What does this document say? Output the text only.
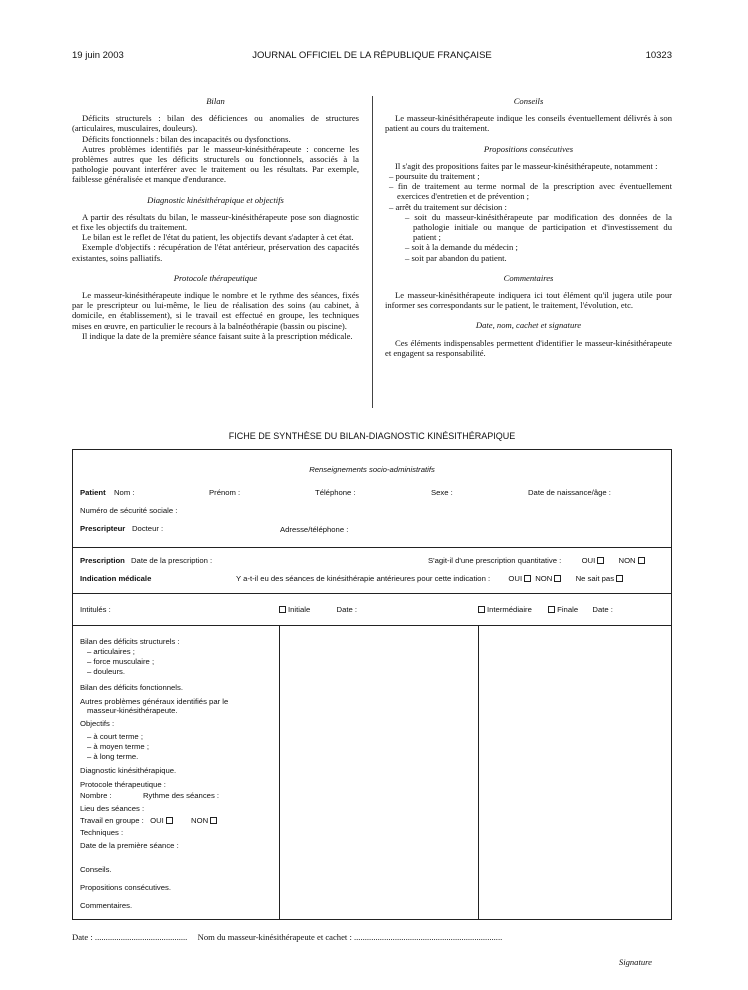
19 juin 2003	JOURNAL OFFICIEL DE LA RÉPUBLIQUE FRANÇAISE	10323
Bilan
Déficits structurels : bilan des déficiences ou anomalies de structures (articulaires, musculaires, douleurs).
Déficits fonctionnels : bilan des incapacités ou dysfonctions.
Autres problèmes identifiés par le masseur-kinésithérapeute : concerne les problèmes autres que les déficits structurels ou fonctionnels, associés à la pathologie pouvant interférer avec le traitement ou les résultats. Par exemple, faiblesse généralisée et manque d'endurance.
Diagnostic kinésithérapique et objectifs
A partir des résultats du bilan, le masseur-kinésithérapeute pose son diagnostic et fixe les objectifs du traitement.
Le bilan est le reflet de l'état du patient, les objectifs devant s'adapter à cet état.
Exemple d'objectifs : récupération de l'état antérieur, préservation des capacités existantes, soins palliatifs.
Protocole thérapeutique
Le masseur-kinésithérapeute indique le nombre et le rythme des séances, fixés par le prescripteur ou lui-même, le lieu de réalisation des soins (au cabinet, à domicile, en établissement), si le travail est effectué en groupe, les techniques mises en œuvre, en particulier le recours à la balnéothérapie (bassin ou piscine).
Il indique la date de la première séance faisant suite à la prescription médicale.
Conseils
Le masseur-kinésithérapeute indique les conseils éventuellement délivrés à son patient au cours du traitement.
Propositions consécutives
Il s'agit des propositions faites par le masseur-kinésithérapeute, notamment :
– poursuite du traitement ;
– fin de traitement au terme normal de la prescription avec éventuellement exercices d'entretien et de prévention ;
– arrêt du traitement sur décision :
– soit du masseur-kinésithérapeute par modification des données de la pathologie initiale ou manque de participation et d'investissement du patient ;
– soit à la demande du médecin ;
– soit par abandon du patient.
Commentaires
Le masseur-kinésithérapeute indiquera ici tout élément qu'il jugera utile pour informer ses correspondants sur le patient, le traitement, l'évolution, etc.
Date, nom, cachet et signature
Ces éléments indispensables permettent d'identifier le masseur-kinésithérapeute et engagent sa responsabilité.
FICHE DE SYNTHÈSE DU BILAN-DIAGNOSTIC KINÉSITHÉRAPIQUE
Renseignements socio-administratifs
Patient Nom :	Prénom :	Téléphone :	Sexe :	Date de naissance/âge :
Numéro de sécurité sociale :
Prescripteur Docteur :	Adresse/téléphone :
Prescription Date de la prescription :	S'agit-il d'une prescription quantitative :	OUI	NON
Indication médicale	Y a-t-il eu des séances de kinésithérapie antérieures pour cette indication : OUI NON	Ne sait pas
Intitulés :	Initiale	Date :	Intermédiaire	Finale Date :
Bilan des déficits structurels :
– articulaires ;
– force musculaire ;
– douleurs.
Bilan des déficits fonctionnels.
Autres problèmes généraux identifiés par le
masseur-kinésithérapeute.
Objectifs :
– à court terme ;
– à moyen terme ;
– à long terme.
Diagnostic kinésithérapique.
Protocole thérapeutique :
Nombre :	Rythme des séances :
Lieu des séances :
Travail en groupe : OUI	NON
Techniques :
Date de la première séance :
Conseils.
Propositions consécutives.
Commentaires.
Date : ........................................... Nom du masseur-kinésithérapeute et cachet : .....................................................................
Signature
